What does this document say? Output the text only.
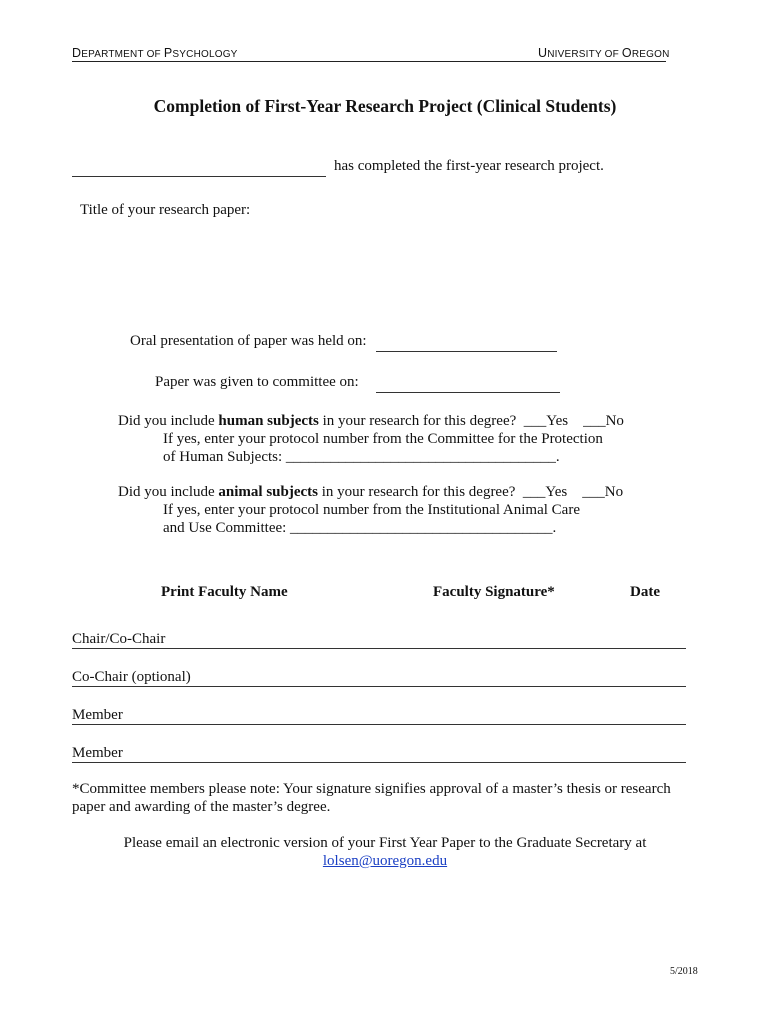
DEPARTMENT OF PSYCHOLOGY	UNIVERSITY OF OREGON
Completion of First-Year Research Project (Clinical Students)
has completed the first-year research project.
Title of your research paper:
Oral presentation of paper was held on:
Paper was given to committee on:
Did you include human subjects in your research for this degree?  ___Yes    ___No
If yes, enter your protocol number from the Committee for the Protection
of Human Subjects: ____________________________________.
Did you include animal subjects in your research for this degree?  ___Yes    ___No
If yes, enter your protocol number from the Institutional Animal Care
and Use Committee: ___________________________________.
Print Faculty Name	Faculty Signature*	Date
Chair/Co-Chair
Co-Chair (optional)
Member
Member
*Committee members please note: Your signature signifies approval of a master’s thesis or research
paper and awarding of the master’s degree.
Please email an electronic version of your First Year Paper to the Graduate Secretary at
lolsen@uoregon.edu
5/2018
